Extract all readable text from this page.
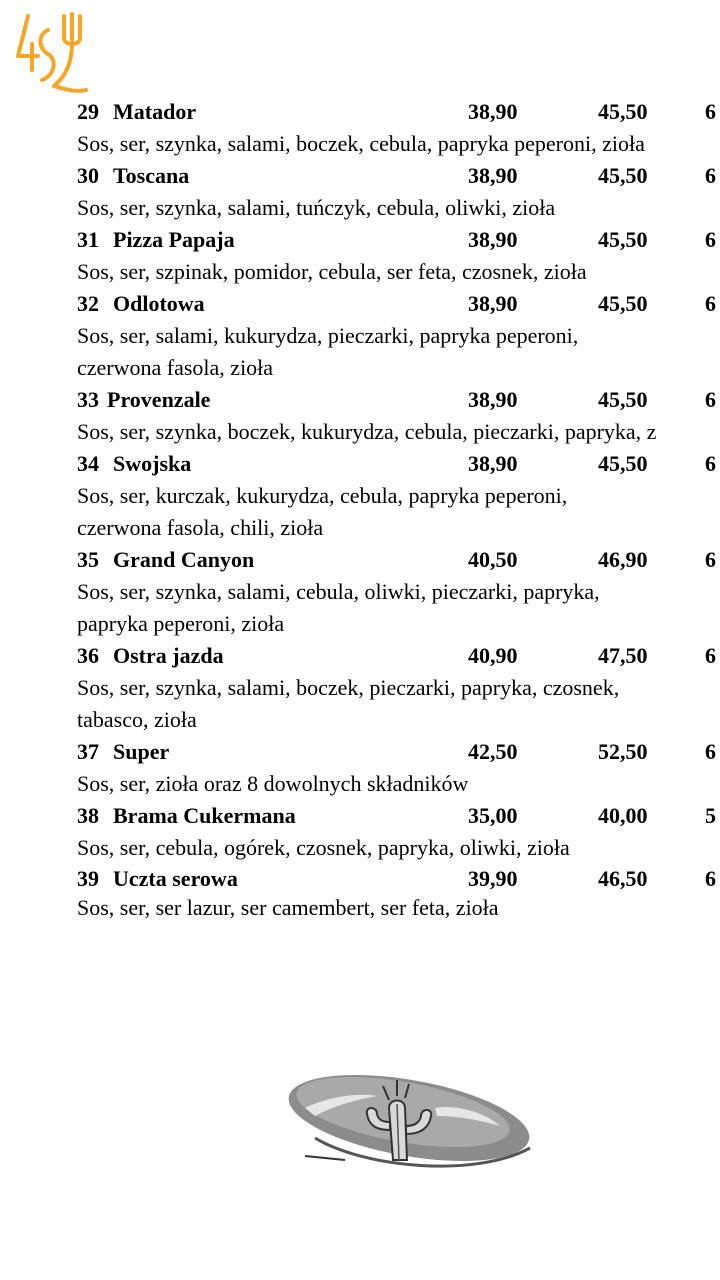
29 Matador	38,90	45,50	6
Sos, ser, szynka, salami, boczek, cebula, papryka peperoni, zioła
30 Toscana	38,90	45,50	6
Sos, ser, szynka, salami, tuńczyk, cebula, oliwki, zioła
31 Pizza Papaja	38,90	45,50	6
Sos, ser, szpinak, pomidor, cebula, ser feta, czosnek, zioła
32 Odlotowa	38,90	45,50	6
Sos, ser, salami, kukurydza, pieczarki, papryka peperoni, czerwona fasola, zioła
33 Provenzale	38,90	45,50	6
Sos, ser, szynka, boczek, kukurydza, cebula, pieczarki, papryka, z
34 Swojska	38,90	45,50	6
Sos, ser, kurczak, kukurydza, cebula, papryka peperoni, czerwona fasola, chili, zioła
35 Grand Canyon	40,50	46,90	6
Sos, ser, szynka, salami, cebula, oliwki, pieczarki, papryka, papryka peperoni, zioła
36 Ostra jazda	40,90	47,50	6
Sos, ser, szynka, salami, boczek, pieczarki, papryka, czosnek, tabasco, zioła
37 Super	42,50	52,50	6
Sos, ser, zioła oraz 8 dowolnych składników
38 Brama Cukermana	35,00	40,00	5
Sos, ser, cebula, ogórek, czosnek, papryka, oliwki, zioła
39 Uczta serowa	39,90	46,50	6
Sos, ser, ser lazur, ser camembert, ser feta, zioła
